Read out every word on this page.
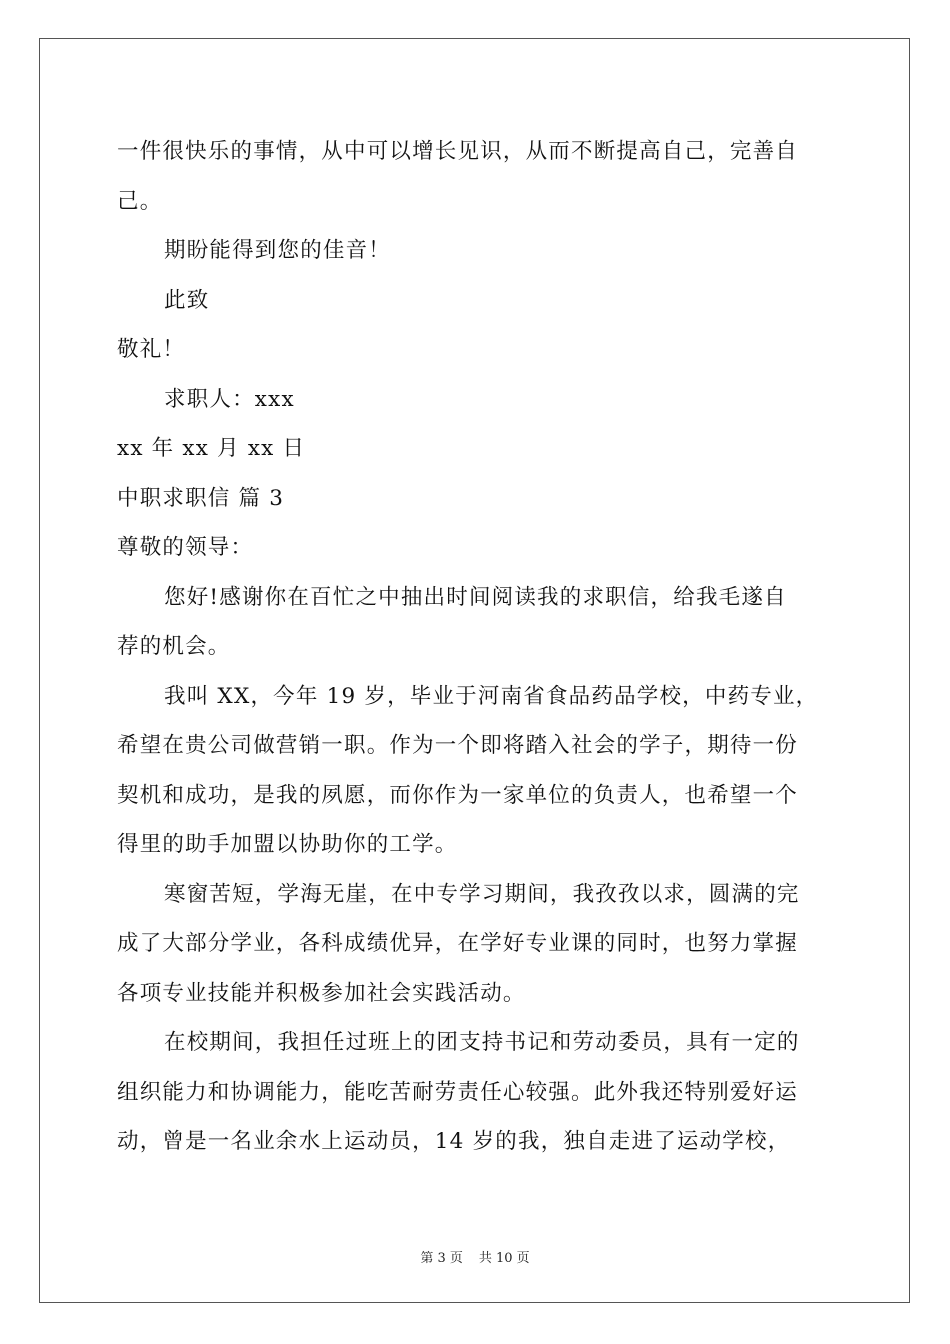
一件很快乐的事情，从中可以增长见识，从而不断提高自己，完善自
己。
期盼能得到您的佳音！
此致
敬礼！
求职人：xxx
xx 年 xx 月 xx 日
中职求职信 篇 3
尊敬的领导：
您好!感谢你在百忙之中抽出时间阅读我的求职信，给我毛遂自
荐的机会。
我叫 XX，今年 19 岁，毕业于河南省食品药品学校，中药专业，
希望在贵公司做营销一职。作为一个即将踏入社会的学子，期待一份
契机和成功，是我的夙愿，而你作为一家单位的负责人，也希望一个
得里的助手加盟以协助你的工学。
寒窗苦短，学海无崖，在中专学习期间，我孜孜以求，圆满的完
成了大部分学业，各科成绩优异，在学好专业课的同时，也努力掌握
各项专业技能并积极参加社会实践活动。
在校期间，我担任过班上的团支持书记和劳动委员，具有一定的
组织能力和协调能力，能吃苦耐劳责任心较强。此外我还特别爱好运
动，曾是一名业余水上运动员，14 岁的我，独自走进了运动学校，
第 3 页 共 10 页
